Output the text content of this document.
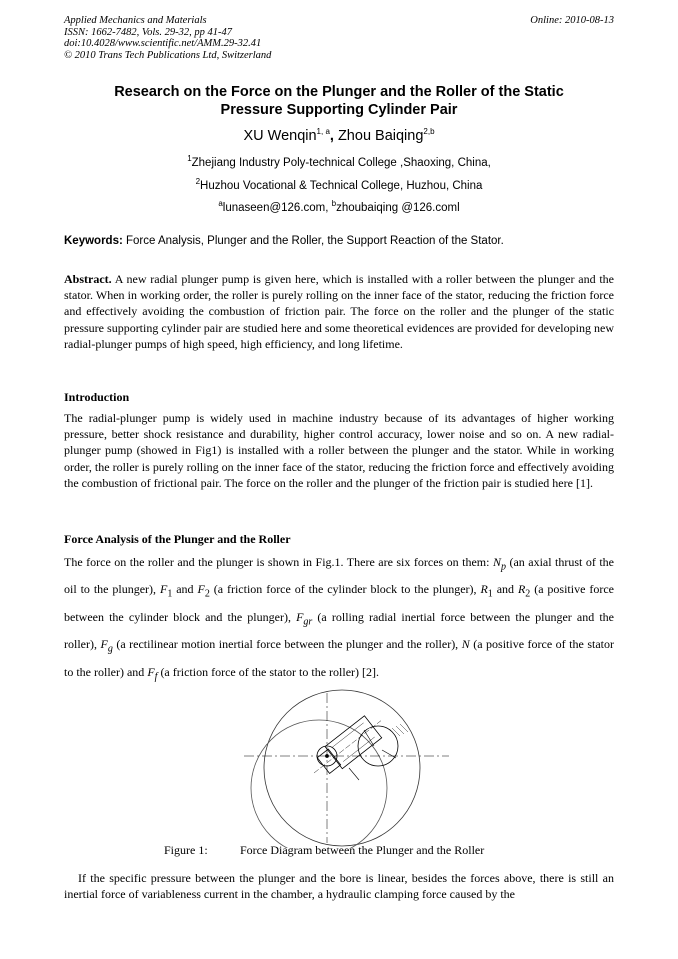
Applied Mechanics and Materials
ISSN: 1662-7482, Vols. 29-32, pp 41-47
doi:10.4028/www.scientific.net/AMM.29-32.41
© 2010 Trans Tech Publications Ltd, Switzerland
Online: 2010-08-13
Research on the Force on the Plunger and the Roller of the Static
Pressure Supporting Cylinder Pair
XU Wenqin$^{1, a}$, Zhou Baiqing$^{2,b}$
$^1$Zhejiang Industry Poly-technical College ,Shaoxing, China,
$^2$Huzhou Vocational & Technical College, Huzhou, China
$^a$lunaseen@126.com, $^b$zhoubaiqing @126.coml
Keywords: Force Analysis, Plunger and the Roller, the Support Reaction of the Stator.
Abstract. A new radial plunger pump is given here, which is installed with a roller between the plunger and the stator. When in working order, the roller is purely rolling on the inner face of the stator, reducing the friction force and effectively avoiding the combustion of friction pair. The force on the roller and the plunger of the static pressure supporting cylinder pair are studied here and some theoretical evidences are provided for developing new radial-plunger pumps of high speed, high efficiency, and long lifetime.
Introduction
The radial-plunger pump is widely used in machine industry because of its advantages of higher working pressure, better shock resistance and durability, higher control accuracy, lower noise and so on. A new radial-plunger pump (showed in Fig1) is installed with a roller between the plunger and the stator. While in working order, the roller is purely rolling on the inner face of the stator, reducing the friction force and effectively avoiding the combustion of frictional pair. The force on the roller and the plunger of the friction pair is studied here [1].
Force Analysis of the Plunger and the Roller
The force on the roller and the plunger is shown in Fig.1. There are six forces on them: $N_p$ (an axial thrust of the oil to the plunger), $F_1$ and $F_2$ (a friction force of the cylinder block to the plunger), $R_1$ and $R_2$ (a positive force between the cylinder block and the plunger), $F_{gr}$ (a rolling radial inertial force between the plunger and the roller), $F_g$ (a rectilinear motion inertial force between the plunger and the roller), N (a positive force of the stator to the roller) and $F_f$ (a friction force of the stator to the roller) [2].
Figure 1:	Force Diagram between the Plunger and the Roller
If the specific pressure between the plunger and the bore is linear, besides the forces above, there is still an inertial force of variableness current in the chamber, a hydraulic clamping force caused by the
